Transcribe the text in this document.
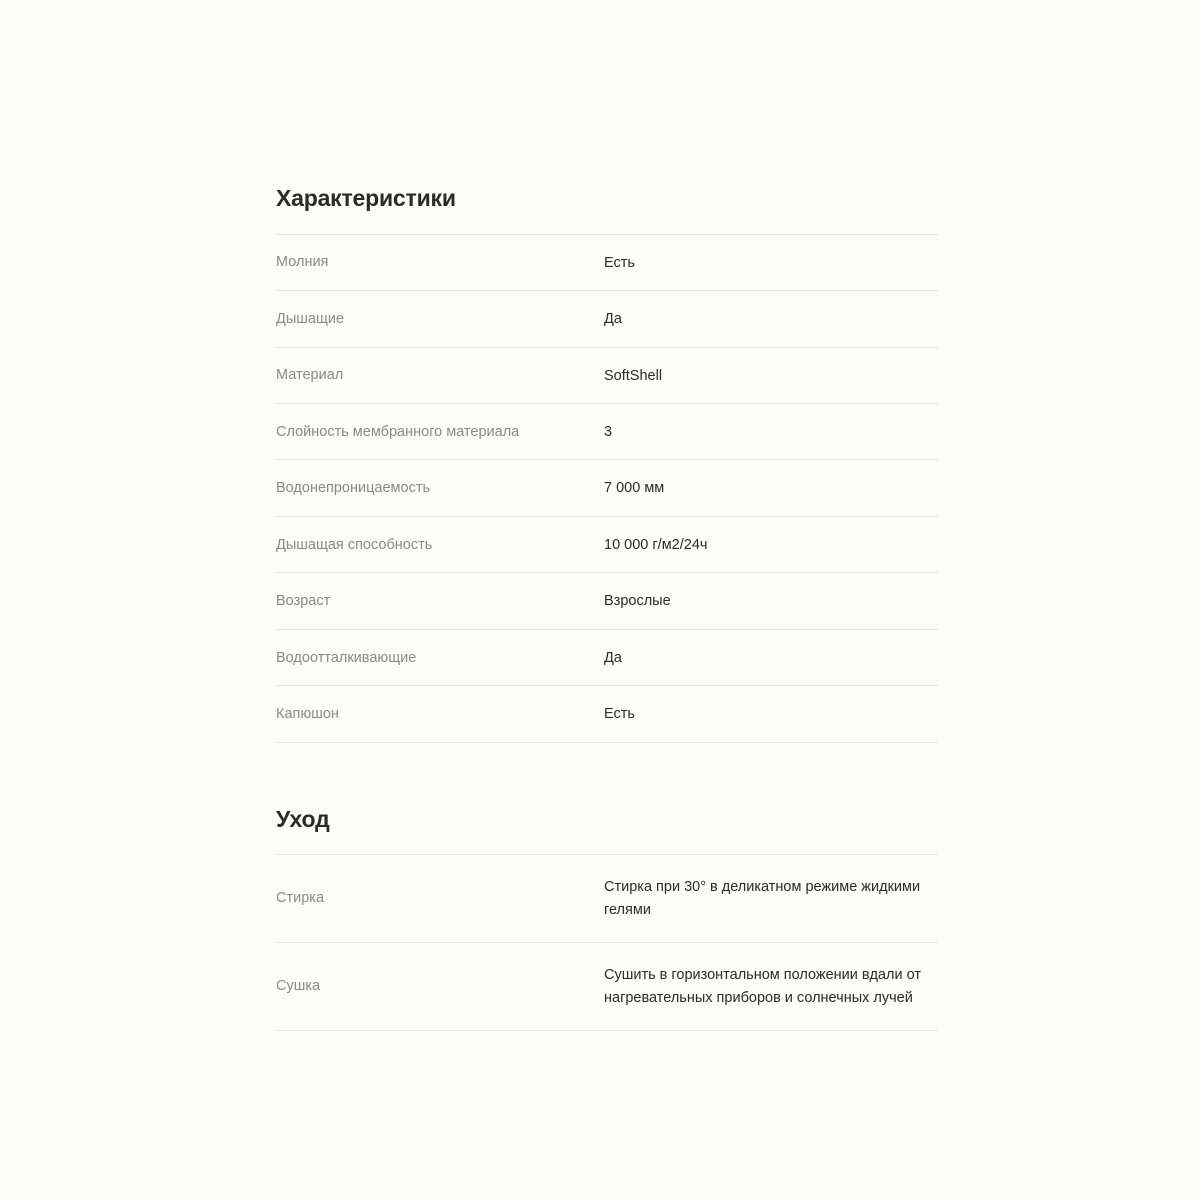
Характеристики
Молния	Есть
Дышащие	Да
Материал	SoftShell
Слойность мембранного материала	3
Водонепроницаемость	7 000 мм
Дышащая способность	10 000 г/м2/24ч
Возраст	Взрослые
Водоотталкивающие	Да
Капюшон	Есть
Уход
Стирка	Стирка при 30° в деликатном режиме жидкими гелями
Сушка	Сушить в горизонтальном положении вдали от нагревательных приборов и солнечных лучей
